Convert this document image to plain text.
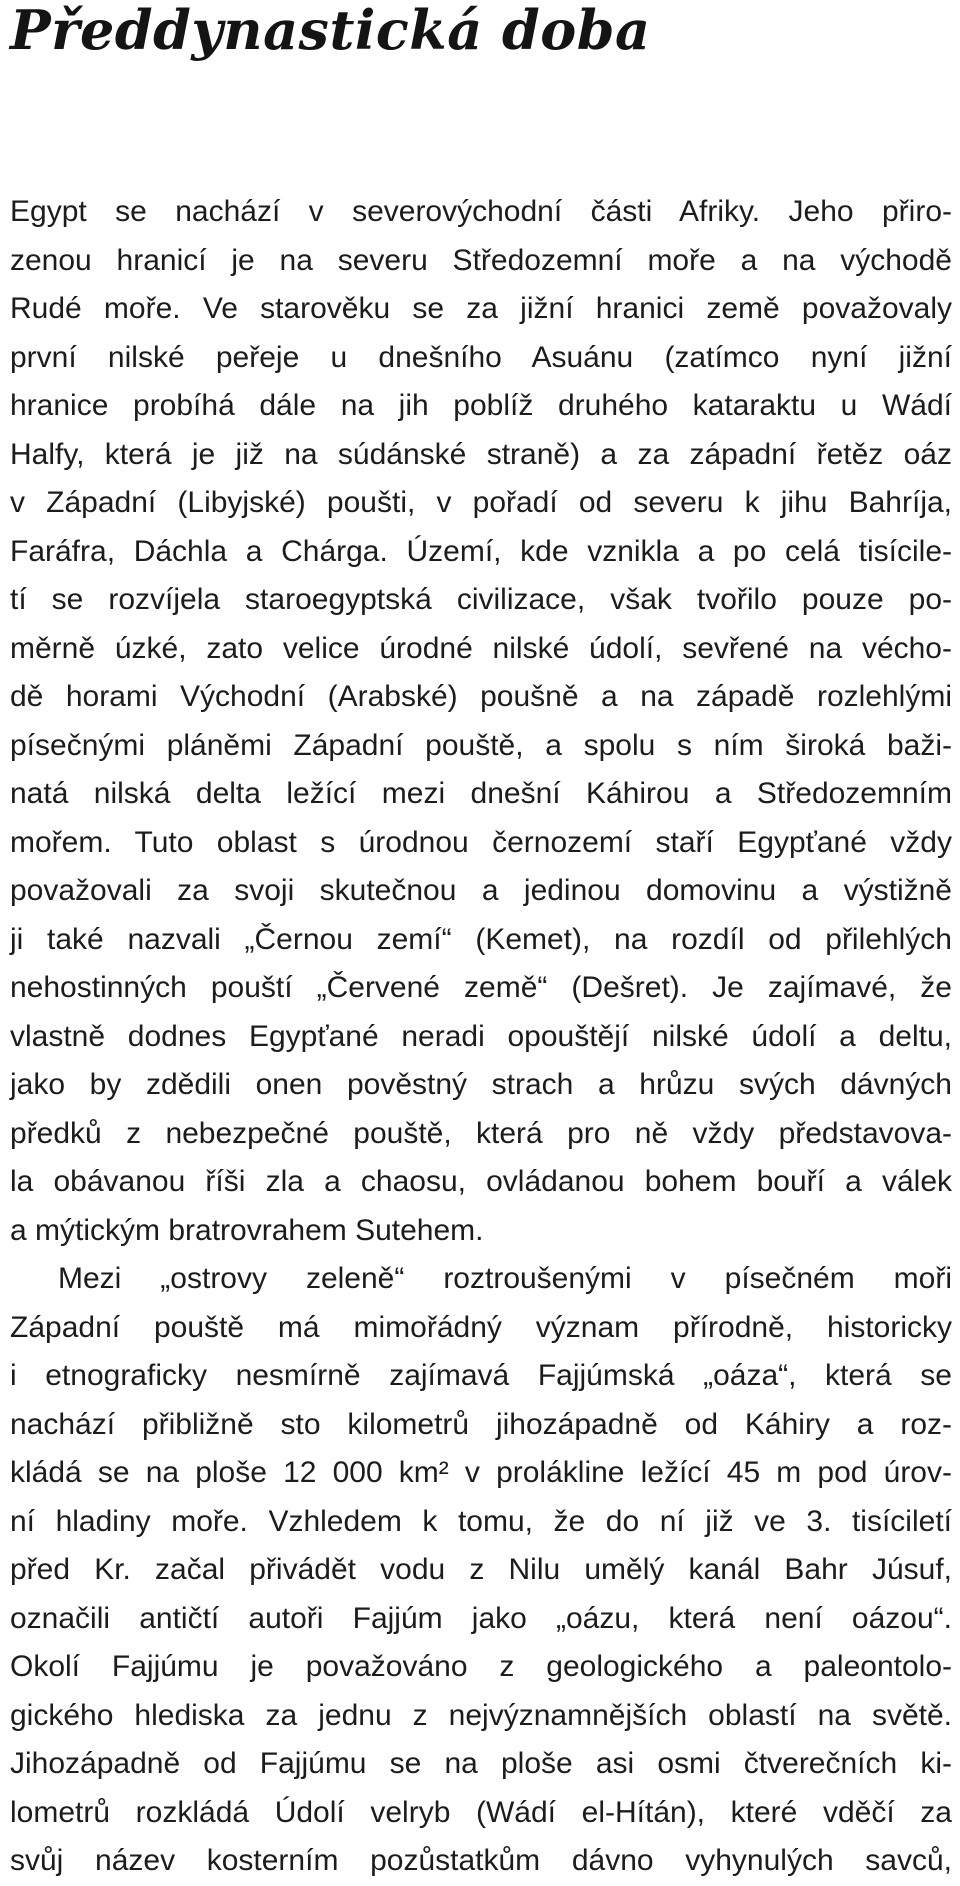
Předdynastická doba
Egypt se nachází v severovýchodní části Afriky. Jeho přiro-
zenou hranicí je na severu Středozemní moře a na východě
Rudé moře. Ve starověku se za jižní hranici země považovaly
první nilské peřeje u dnešního Asuánu (zatímco nyní jižní
hranice probíhá dále na jih poblíž druhého kataraktu u Wádí
Halfy, která je již na súdánské straně) a za západní řetěz oáz
v Západní (Libyjské) poušti, v pořadí od severu k jihu Bahríja,
Faráfra, Dáchla a Chárga. Území, kde vznikla a po celá tisícile-
tí se rozvíjela staroegyptská civilizace, však tvořilo pouze po-
měrně úzké, zato velice úrodné nilské údolí, sevřené na vécho-
dě horami Východní (Arabské) poušně a na západě rozlehlými
písečnými pláněmi Západní pouště, a spolu s ním široká baži-
natá nilská delta ležící mezi dnešní Káhirou a Středozemním
mořem. Tuto oblast s úrodnou černozemí staří Egypťané vždy
považovali za svoji skutečnou a jedinou domovinu a výstižně
ji také nazvali „Černou zemí“ (Kemet), na rozdíl od přilehlých
nehostinných pouští „Červené země“ (Dešret). Je zajímavé, že
vlastně dodnes Egypťané neradi opouštějí nilské údolí a deltu,
jako by zdědili onen pověstný strach a hrůzu svých dávných
předků z nebezpečné pouště, která pro ně vždy představova-
la obávanou říši zla a chaosu, ovládanou bohem bouří a válek
a mýtickým bratrovrahem Sutehem.
Mezi „ostrovy zeleně“ roztroušenými v písečném moři
Západní pouště má mimořádný význam přírodně, historicky
i etnograficky nesmírně zajímavá Fajjúmská „oáza“, která se
nachází přibližně sto kilometrů jihozápadně od Káhiry a roz-
kládá se na ploše 12 000 km² v prolákline ležící 45 m pod úrov-
ní hladiny moře. Vzhledem k tomu, že do ní již ve 3. tisíciletí
před Kr. začal přivádět vodu z Nilu umělý kanál Bahr Júsuf,
označili antičtí autoři Fajjúm jako „oázu, která není oázou“.
Okolí Fajjúmu je považováno z geologického a paleontolo-
gického hlediska za jednu z nejvýznamnějších oblastí na světě.
Jihozápadně od Fajjúmu se na ploše asi osmi čtverečních ki-
lometrů rozkládá Údolí velryb (Wádí el-Hítán), které vděčí za
svůj název kosterním pozůstatkům dávno vyhynulých savců,
